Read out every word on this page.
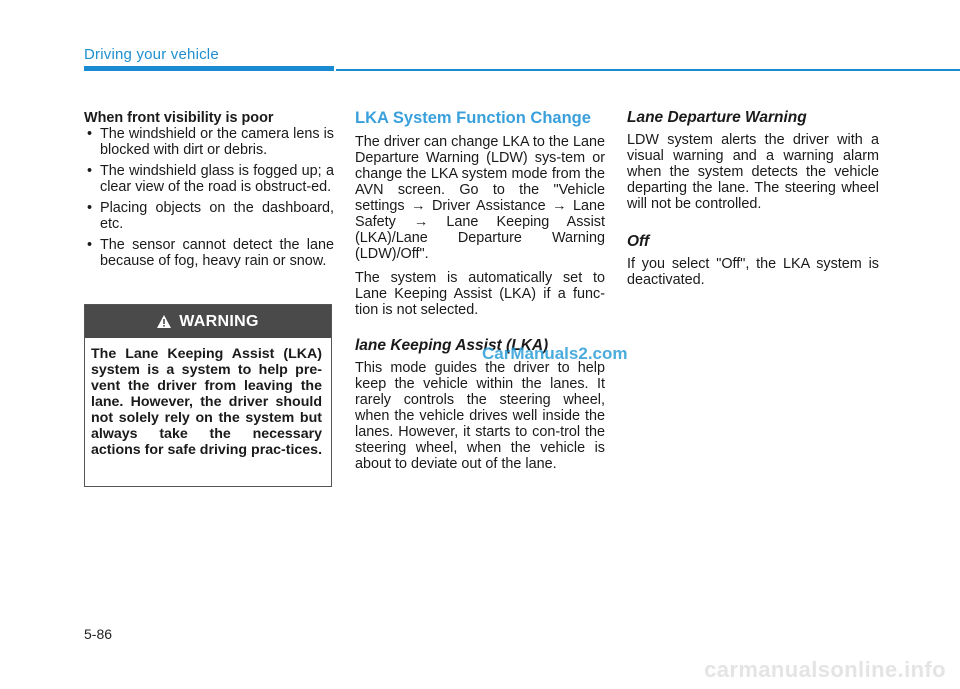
Driving your vehicle

When front visibility is poor

• The windshield or the camera lens is blocked with dirt or debris.
• The windshield glass is fogged up; a clear view of the road is obstruct-ed.
• Placing objects on the dashboard, etc.
• The sensor cannot detect the lane because of fog, heavy rain or snow.
WARNING
The Lane Keeping Assist (LKA) system is a system to help pre-vent the driver from leaving the lane. However, the driver should not solely rely on the system but always take the necessary actions for safe driving prac-tices.
LKA System Function Change

The driver can change LKA to the Lane Departure Warning (LDW) sys-tem or change the LKA system mode from the AVN screen. Go to the "Vehicle settings → Driver Assistance → Lane Safety → Lane Keeping Assist (LKA)/Lane Departure Warning (LDW)/Off".

The system is automatically set to Lane Keeping Assist (LKA) if a func-tion is not selected.

lane Keeping Assist (LKA)

This mode guides the driver to help keep the vehicle within the lanes. It rarely controls the steering wheel, when the vehicle drives well inside the lanes. However, it starts to con-trol the steering wheel, when the vehicle is about to deviate out of the lane.

Lane Departure Warning

LDW system alerts the driver with a visual warning and a warning alarm when the system detects the vehicle departing the lane. The steering wheel will not be controlled.

Off

If you select "Off", the LKA system is deactivated.

CarManuals2.com
5-86
carmanualsonline.info
